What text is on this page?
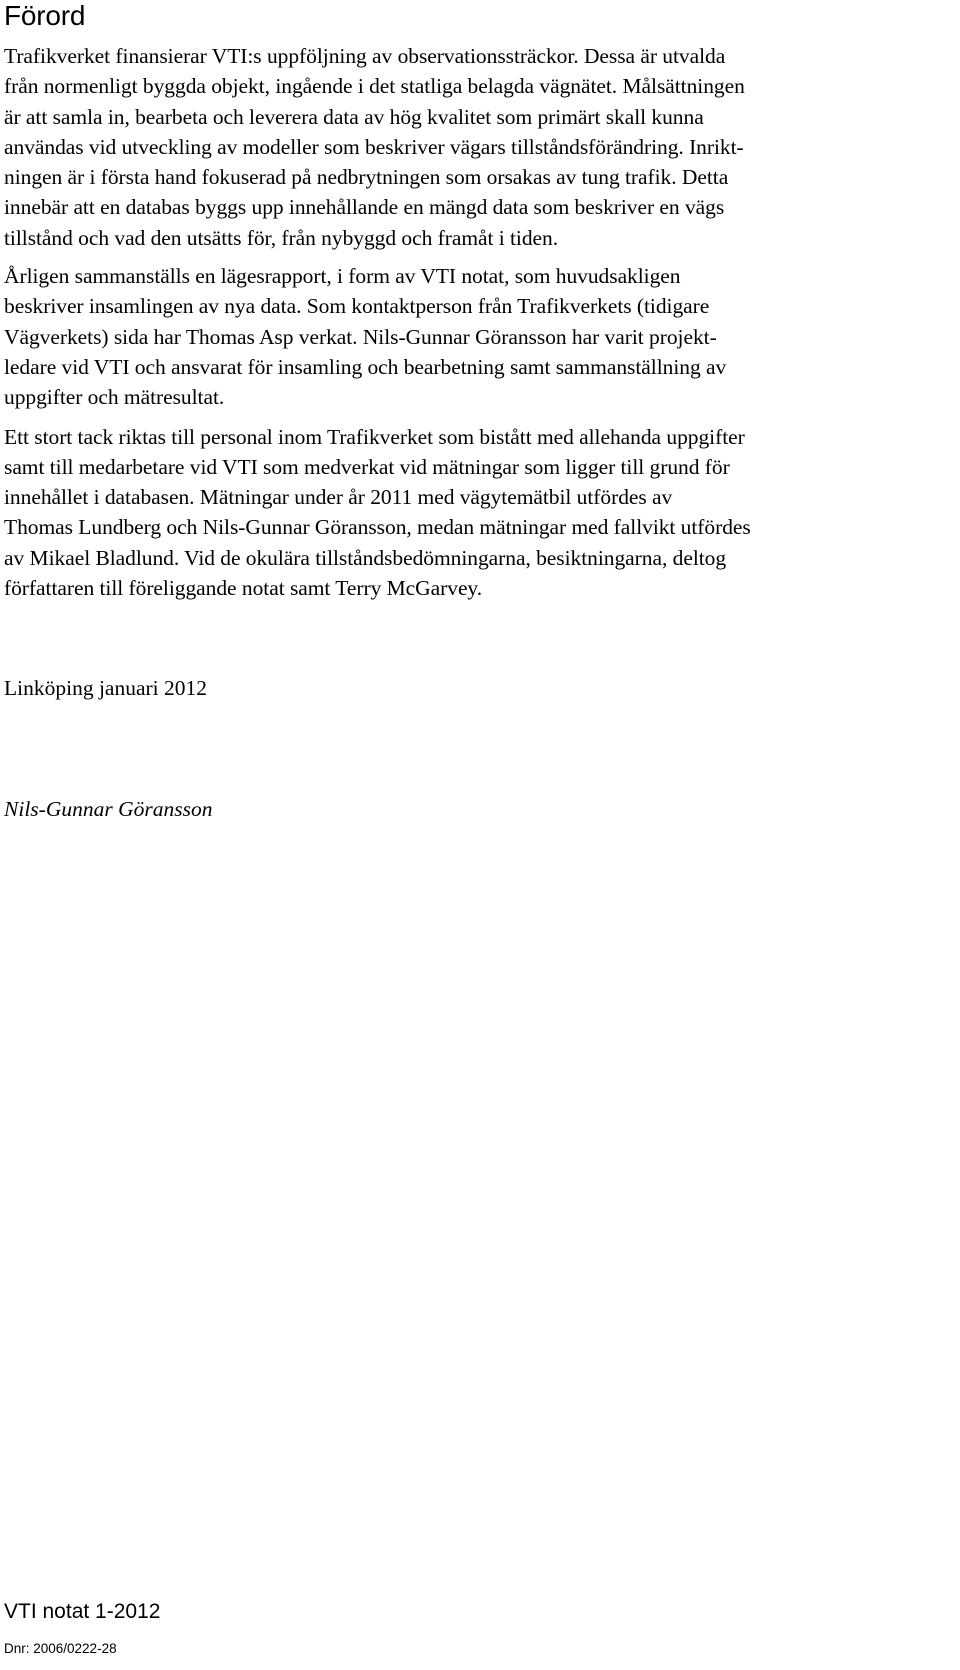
Förord

Trafikverket finansierar VTI:s uppföljning av observationssträckor. Dessa är utvalda
från normenligt byggda objekt, ingående i det statliga belagda vägnätet. Målsättningen
är att samla in, bearbeta och leverera data av hög kvalitet som primärt skall kunna
användas vid utveckling av modeller som beskriver vägars tillståndsförändring. Inrikt-
ningen är i första hand fokuserad på nedbrytningen som orsakas av tung trafik. Detta
innebär att en databas byggs upp innehållande en mängd data som beskriver en vägs
tillstånd och vad den utsätts för, från nybyggd och framåt i tiden.

Årligen sammanställs en lägesrapport, i form av VTI notat, som huvudsakligen
beskriver insamlingen av nya data. Som kontaktperson från Trafikverkets (tidigare
Vägverkets) sida har Thomas Asp verkat. Nils-Gunnar Göransson har varit projekt-
ledare vid VTI och ansvarat för insamling och bearbetning samt sammanställning av
uppgifter och mätresultat.

Ett stort tack riktas till personal inom Trafikverket som bistått med allehanda uppgifter
samt till medarbetare vid VTI som medverkat vid mätningar som ligger till grund för
innehållet i databasen. Mätningar under år 2011 med vägytemätbil utfördes av
Thomas Lundberg och Nils-Gunnar Göransson, medan mätningar med fallvikt utfördes
av Mikael Bladlund. Vid de okulära tillståndsbedömningarna, besiktningarna, deltog
författaren till föreliggande notat samt Terry McGarvey.

Linköping januari 2012

Nils-Gunnar Göransson

VTI notat 1-2012

Dnr: 2006/0222-28
